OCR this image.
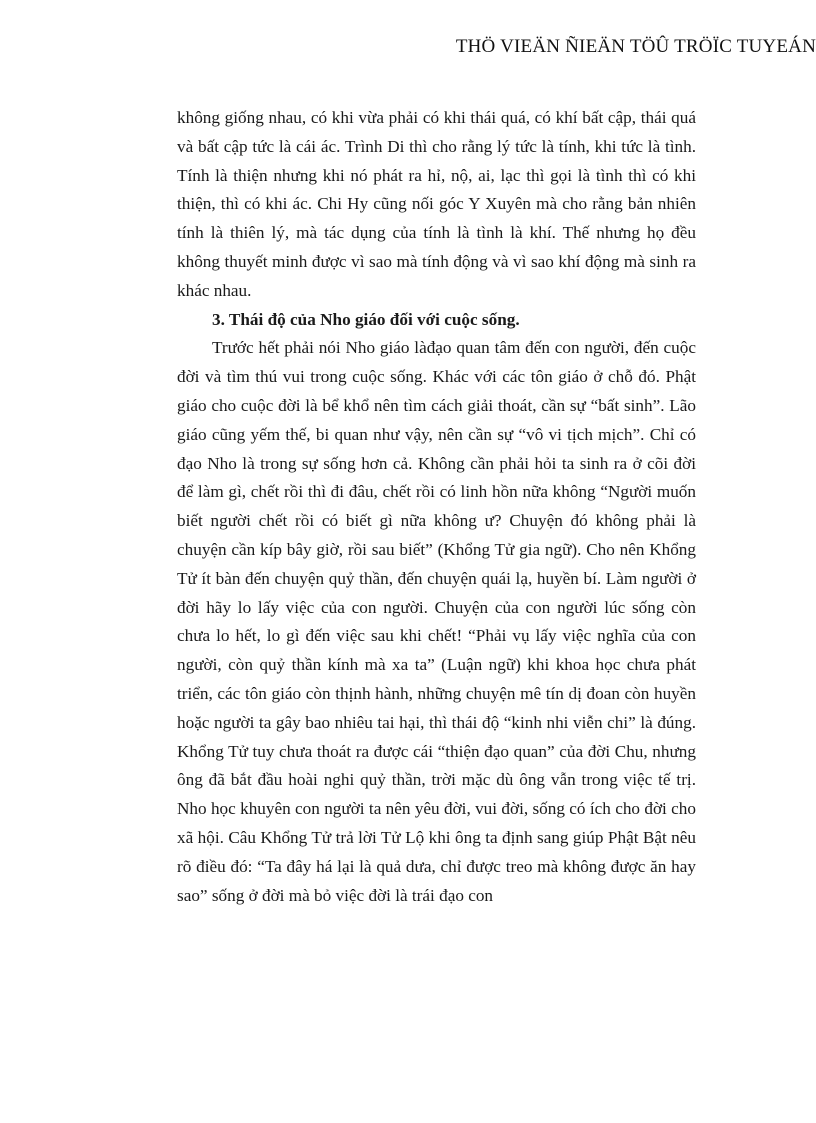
THÖ VIEÄN ÑIEÄN TÖÛ TRÖÏC TUYEÁN

không giống nhau, có khi vừa phải có khi thái quá, có khí bất cập, thái quá và bất cập tức là cái ác. Trình Di thì cho rằng lý tức là tính, khi tức là tình. Tính là thiện nhưng khi nó phát ra hỉ, nộ, ai, lạc thì gọi là tình thì có khi thiện, thì có khi ác. Chi Hy cũng nối góc Y Xuyên mà cho rằng bản nhiên tính là thiên lý, mà tác dụng của tính là tình là khí. Thế nhưng họ đều không thuyết minh được vì sao mà tính động và vì sao khí động mà sinh ra khác nhau.

3. Thái độ của Nho giáo đối với cuộc sống.

Trước hết phải nói Nho giáo làđạo quan tâm đến con người, đến cuộc đời và tìm thú vui trong cuộc sống. Khác với các tôn giáo ở chỗ đó. Phật giáo cho cuộc đời là bể khổ nên tìm cách giải thoát, cần sự “bất sinh”. Lão giáo cũng yếm thế, bi quan như vậy, nên cần sự “vô vi tịch mịch”. Chỉ có đạo Nho là trong sự sống hơn cả. Không cần phải hỏi ta sinh ra ở cõi đời để làm gì, chết rồi thì đi đâu, chết rồi có linh hồn nữa không “Người muốn biết người chết rồi có biết gì nữa không ư? Chuyện đó không phải là chuyện cần kíp bây giờ, rồi sau biết” (Khổng Tử gia ngữ). Cho nên Khổng Tử ít bàn đến chuyện quỷ thần, đến chuyện quái lạ, huyền bí. Làm người ở đời hãy lo lấy việc của con người. Chuyện của con người lúc sống còn chưa lo hết, lo gì đến việc sau khi chết! “Phải vụ lấy việc nghĩa của con người, còn quỷ thần kính mà xa ta” (Luận ngữ) khi khoa học chưa phát triển, các tôn giáo còn thịnh hành, những chuyện mê tín dị đoan còn huyền hoặc người ta gây bao nhiêu tai hại, thì thái độ “kinh nhi viễn chi” là đúng. Khổng Tử tuy chưa thoát ra được cái “thiện đạo quan” của đời Chu, nhưng ông đã bắt đầu hoài nghi quỷ thần, trời mặc dù ông vẫn trong việc tế trị. Nho học khuyên con người ta nên yêu đời, vui đời, sống có ích cho đời cho xã hội. Câu Khổng Tử trả lời Tử Lộ khi ông ta định sang giúp Phật Bật nêu rõ điều đó: “Ta đây há lại là quả dưa, chỉ được treo mà không được ăn hay sao” sống ở đời mà bỏ việc đời là trái đạo con
